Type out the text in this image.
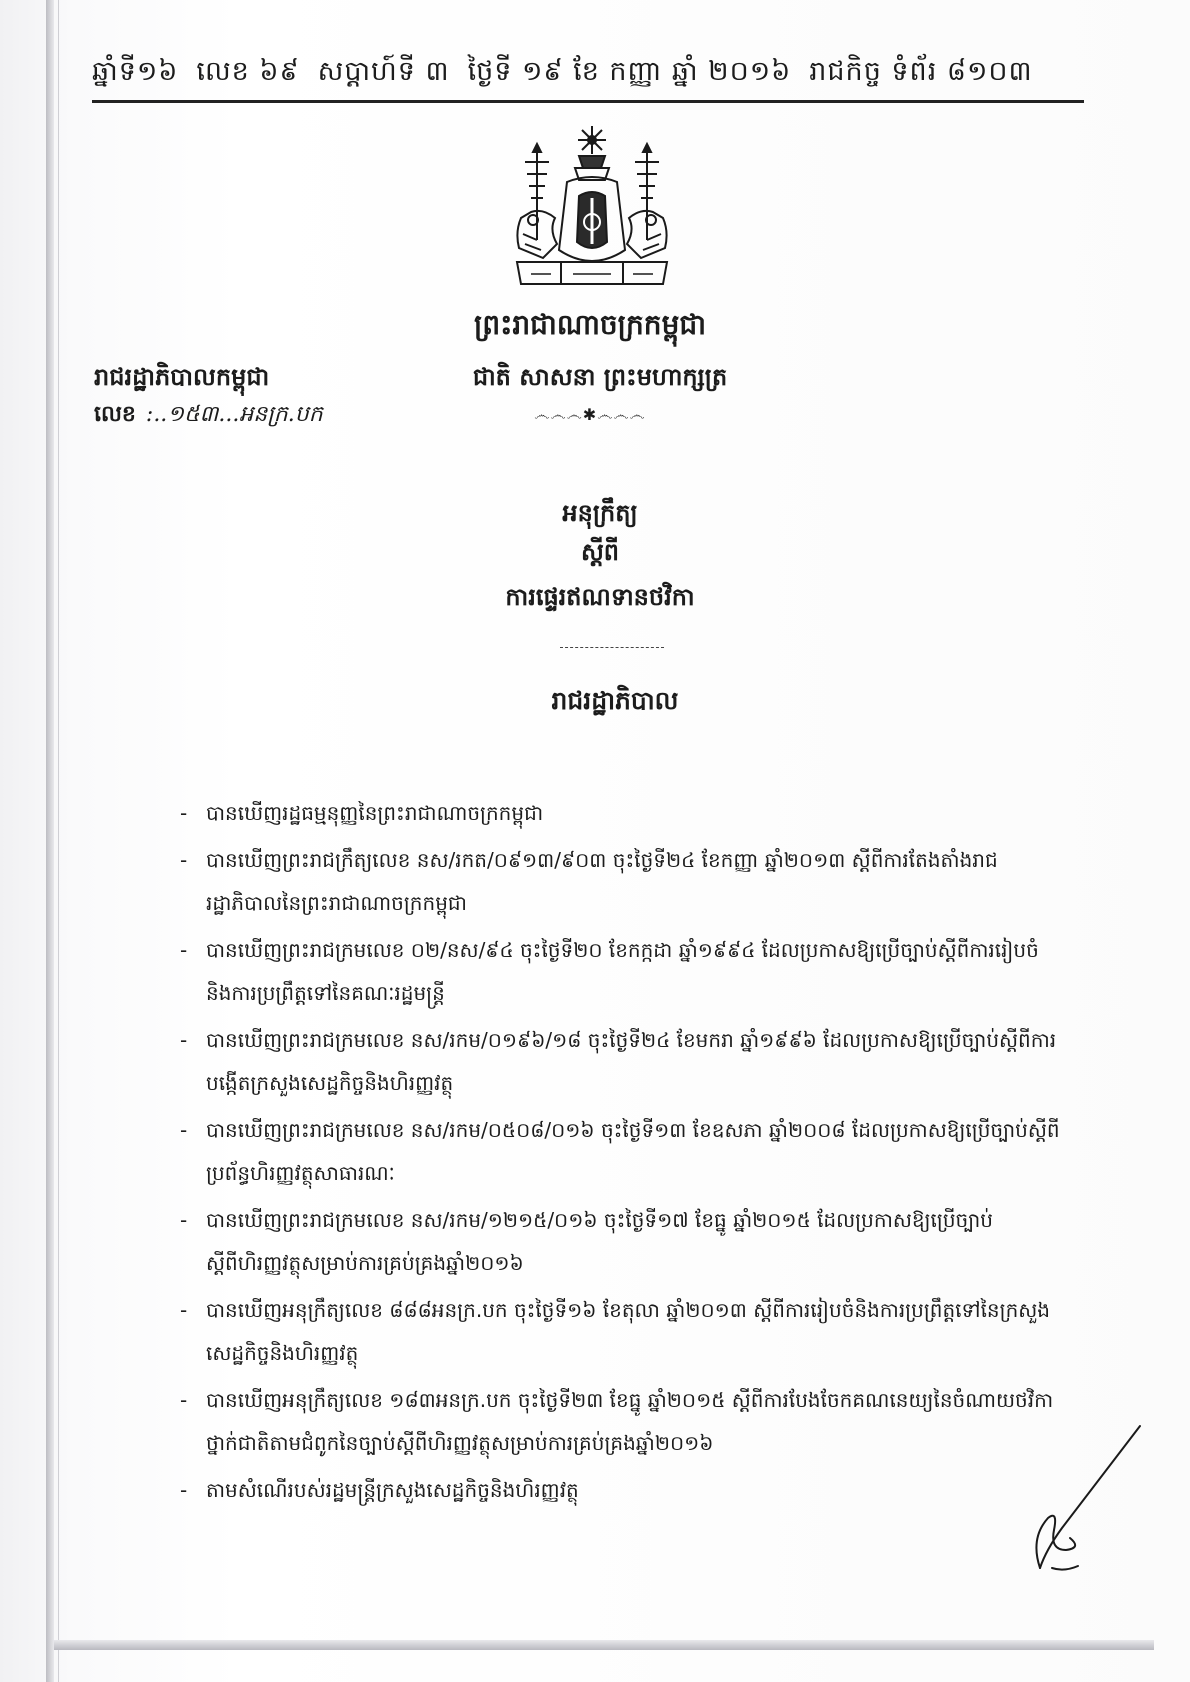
ឆ្នាំទី១៦ លេខ ៦៩ សប្តាហ៍ទី ៣ ថ្ងៃទី ១៩ ខែ កញ្ញា ឆ្នាំ ២០១៦ រាជកិច្ច ទំព័រ ៨១០៣
ព្រះរាជាណាចក្រកម្ពុជា
ជាតិ សាសនា ព្រះមហាក្សត្រ
෴෴෴✱෴෴෴
រាជរដ្ឋាភិបាលកម្ពុជា
លេខ :..១៥៣...អនក្រ.បក
អនុក្រឹត្យ
ស្តីពី
ការផ្ទេរឥណទានថវិកា
រាជរដ្ឋាភិបាល
- បានឃើញរដ្ឋធម្មនុញ្ញនៃព្រះរាជាណាចក្រកម្ពុជា
- បានឃើញព្រះរាជក្រឹត្យលេខ នស/រកត/០៩១៣/៩០៣ ចុះថ្ងៃទី២៤ ខែកញ្ញា ឆ្នាំ២០១៣ ស្តីពីការតែងតាំងរាជរដ្ឋាភិបាលនៃព្រះរាជាណាចក្រកម្ពុជា
- បានឃើញព្រះរាជក្រមលេខ ០២/នស/៩៤ ចុះថ្ងៃទី២០ ខែកក្កដា ឆ្នាំ១៩៩៤ ដែលប្រកាសឱ្យប្រើច្បាប់ស្តីពីការរៀបចំនិងការប្រព្រឹត្តទៅនៃគណៈរដ្ឋមន្ត្រី
- បានឃើញព្រះរាជក្រមលេខ នស/រកម/០១៩៦/១៨ ចុះថ្ងៃទី២៤ ខែមករា ឆ្នាំ១៩៩៦ ដែលប្រកាសឱ្យប្រើច្បាប់ស្តីពីការបង្កើតក្រសួងសេដ្ឋកិច្ចនិងហិរញ្ញវត្ថុ
- បានឃើញព្រះរាជក្រមលេខ នស/រកម/០៥០៨/០១៦ ចុះថ្ងៃទី១៣ ខែឧសភា ឆ្នាំ២០០៨ ដែលប្រកាសឱ្យប្រើច្បាប់ស្តីពីប្រព័ន្ធហិរញ្ញវត្ថុសាធារណៈ
- បានឃើញព្រះរាជក្រមលេខ នស/រកម/១២១៥/០១៦ ចុះថ្ងៃទី១៧ ខែធ្នូ ឆ្នាំ២០១៥ ដែលប្រកាសឱ្យប្រើច្បាប់ស្តីពីហិរញ្ញវត្ថុសម្រាប់ការគ្រប់គ្រងឆ្នាំ២០១៦
- បានឃើញអនុក្រឹត្យលេខ ៨៨៨អនក្រ.បក ចុះថ្ងៃទី១៦ ខែតុលា ឆ្នាំ២០១៣ ស្តីពីការរៀបចំនិងការប្រព្រឹត្តទៅនៃក្រសួងសេដ្ឋកិច្ចនិងហិរញ្ញវត្ថុ
- បានឃើញអនុក្រឹត្យលេខ ១៨៣អនក្រ.បក ចុះថ្ងៃទី២៣ ខែធ្នូ ឆ្នាំ២០១៥ ស្តីពីការបែងចែកគណនេយ្យនៃចំណាយថវិកាថ្នាក់ជាតិតាមជំពូកនៃច្បាប់ស្តីពីហិរញ្ញវត្ថុសម្រាប់ការគ្រប់គ្រងឆ្នាំ២០១៦
- តាមសំណើរបស់រដ្ឋមន្ត្រីក្រសួងសេដ្ឋកិច្ចនិងហិរញ្ញវត្ថុ
